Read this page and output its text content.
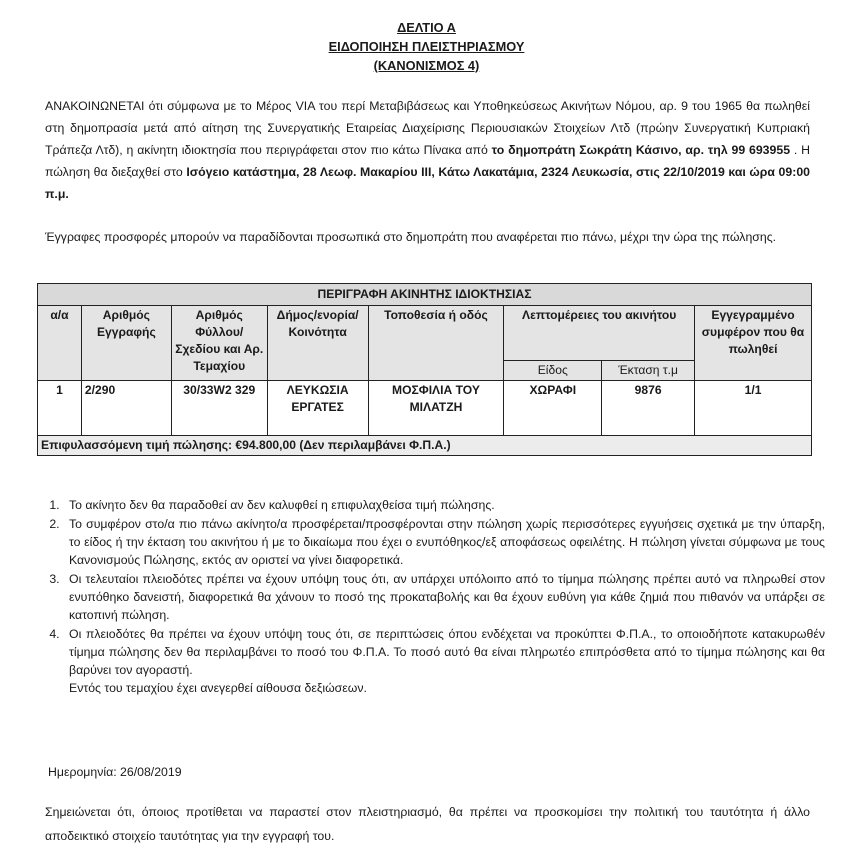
ΔΕΛΤΙΟ Α
ΕΙΔΟΠΟΙΗΣΗ ΠΛΕΙΣΤΗΡΙΑΣΜΟΥ
(ΚΑΝΟΝΙΣΜΟΣ 4)
ΑΝΑΚΟΙΝΩΝΕΤΑΙ ότι σύμφωνα με το Μέρος VIA του περί Μεταβιβάσεως και Υποθηκεύσεως Ακινήτων Νόμου, αρ. 9 του 1965 θα πωληθεί στη δημοπρασία μετά από αίτηση της Συνεργατικής Εταιρείας Διαχείρισης Περιουσιακών Στοιχείων Λτδ (πρώην Συνεργατική Κυπριακή Τράπεζα Λτδ), η ακίνητη ιδιοκτησία που περιγράφεται στον πιο κάτω Πίνακα από το δημοπράτη Σωκράτη Κάσινο, αρ. τηλ 99 693955 . Η πώληση θα διεξαχθεί στο Ισόγειο κατάστημα, 28 Λεωφ. Μακαρίου ΙΙΙ, Κάτω Λακατάμια, 2324 Λευκωσία, στις 22/10/2019 και ώρα 09:00 π.μ.
Έγγραφες προσφορές μπορούν να παραδίδονται προσωπικά στο δημοπράτη που αναφέρεται πιο πάνω, μέχρι την ώρα της πώλησης.
ΠΕΡΙΓΡΑΦΗ ΑΚΙΝΗΤΗΣ ΙΔΙΟΚΤΗΣΙΑΣ							
α/α	Αριθμός Εγγραφής	Αριθμός Φύλλου/ Σχεδίου και Αρ. Τεμαχίου	Δήμος/ενορία/ Κοινότητα	Τοποθεσία ή οδός	Λεπτομέρειες του ακινήτου		Εγγεγραμμένο συμφέρον που θα πωληθεί
					Είδος	Έκταση τ.μ	
1	2/290	30/33W2 329	ΛΕΥΚΩΣΙΑ ΕΡΓΑΤΕΣ	ΜΟΣΦΙΛΙΑ ΤΟΥ ΜΙΛΑΤΖΗ	ΧΩΡΑΦΙ	9876	1/1
Επιφυλασσόμενη τιμή πώλησης: €94.800,00 (Δεν περιλαμβάνει Φ.Π.Α.)							
1. Το ακίνητο δεν θα παραδοθεί αν δεν καλυφθεί η επιφυλαχθείσα τιμή πώλησης.
2. Το συμφέρον στο/α πιο πάνω ακίνητο/α προσφέρεται/προσφέρονται στην πώληση χωρίς περισσότερες εγγυήσεις σχετικά με την ύπαρξη, το είδος ή την έκταση του ακινήτου ή με το δικαίωμα που έχει ο ενυπόθηκος/εξ αποφάσεως οφειλέτης. Η πώληση γίνεται σύμφωνα με τους Κανονισμούς Πώλησης, εκτός αν οριστεί να γίνει διαφορετικά.
3. Οι τελευταίοι πλειοδότες πρέπει να έχουν υπόψη τους ότι, αν υπάρχει υπόλοιπο από το τίμημα πώλησης πρέπει αυτό να πληρωθεί στον ενυπόθηκο δανειστή, διαφορετικά θα χάνουν το ποσό της προκαταβολής και θα έχουν ευθύνη για κάθε ζημιά που πιθανόν να υπάρξει σε κατοπινή πώληση.
4. Οι πλειοδότες θα πρέπει να έχουν υπόψη τους ότι, σε περιπτώσεις όπου ενδέχεται να προκύπτει Φ.Π.Α., το οποιοδήποτε κατακυρωθέν τίμημα πώλησης δεν θα περιλαμβάνει το ποσό του Φ.Π.Α. Το ποσό αυτό θα είναι πληρωτέο επιπρόσθετα από το τίμημα πώλησης και θα βαρύνει τον αγοραστή.
Εντός του τεμαχίου έχει ανεγερθεί αίθουσα δεξιώσεων.
Ημερομηνία: 26/08/2019
Σημειώνεται ότι, όποιος προτίθεται να παραστεί στον πλειστηριασμό, θα πρέπει να προσκομίσει την πολιτική του ταυτότητα ή άλλο αποδεικτικό στοιχείο ταυτότητας για την εγγραφή του.
